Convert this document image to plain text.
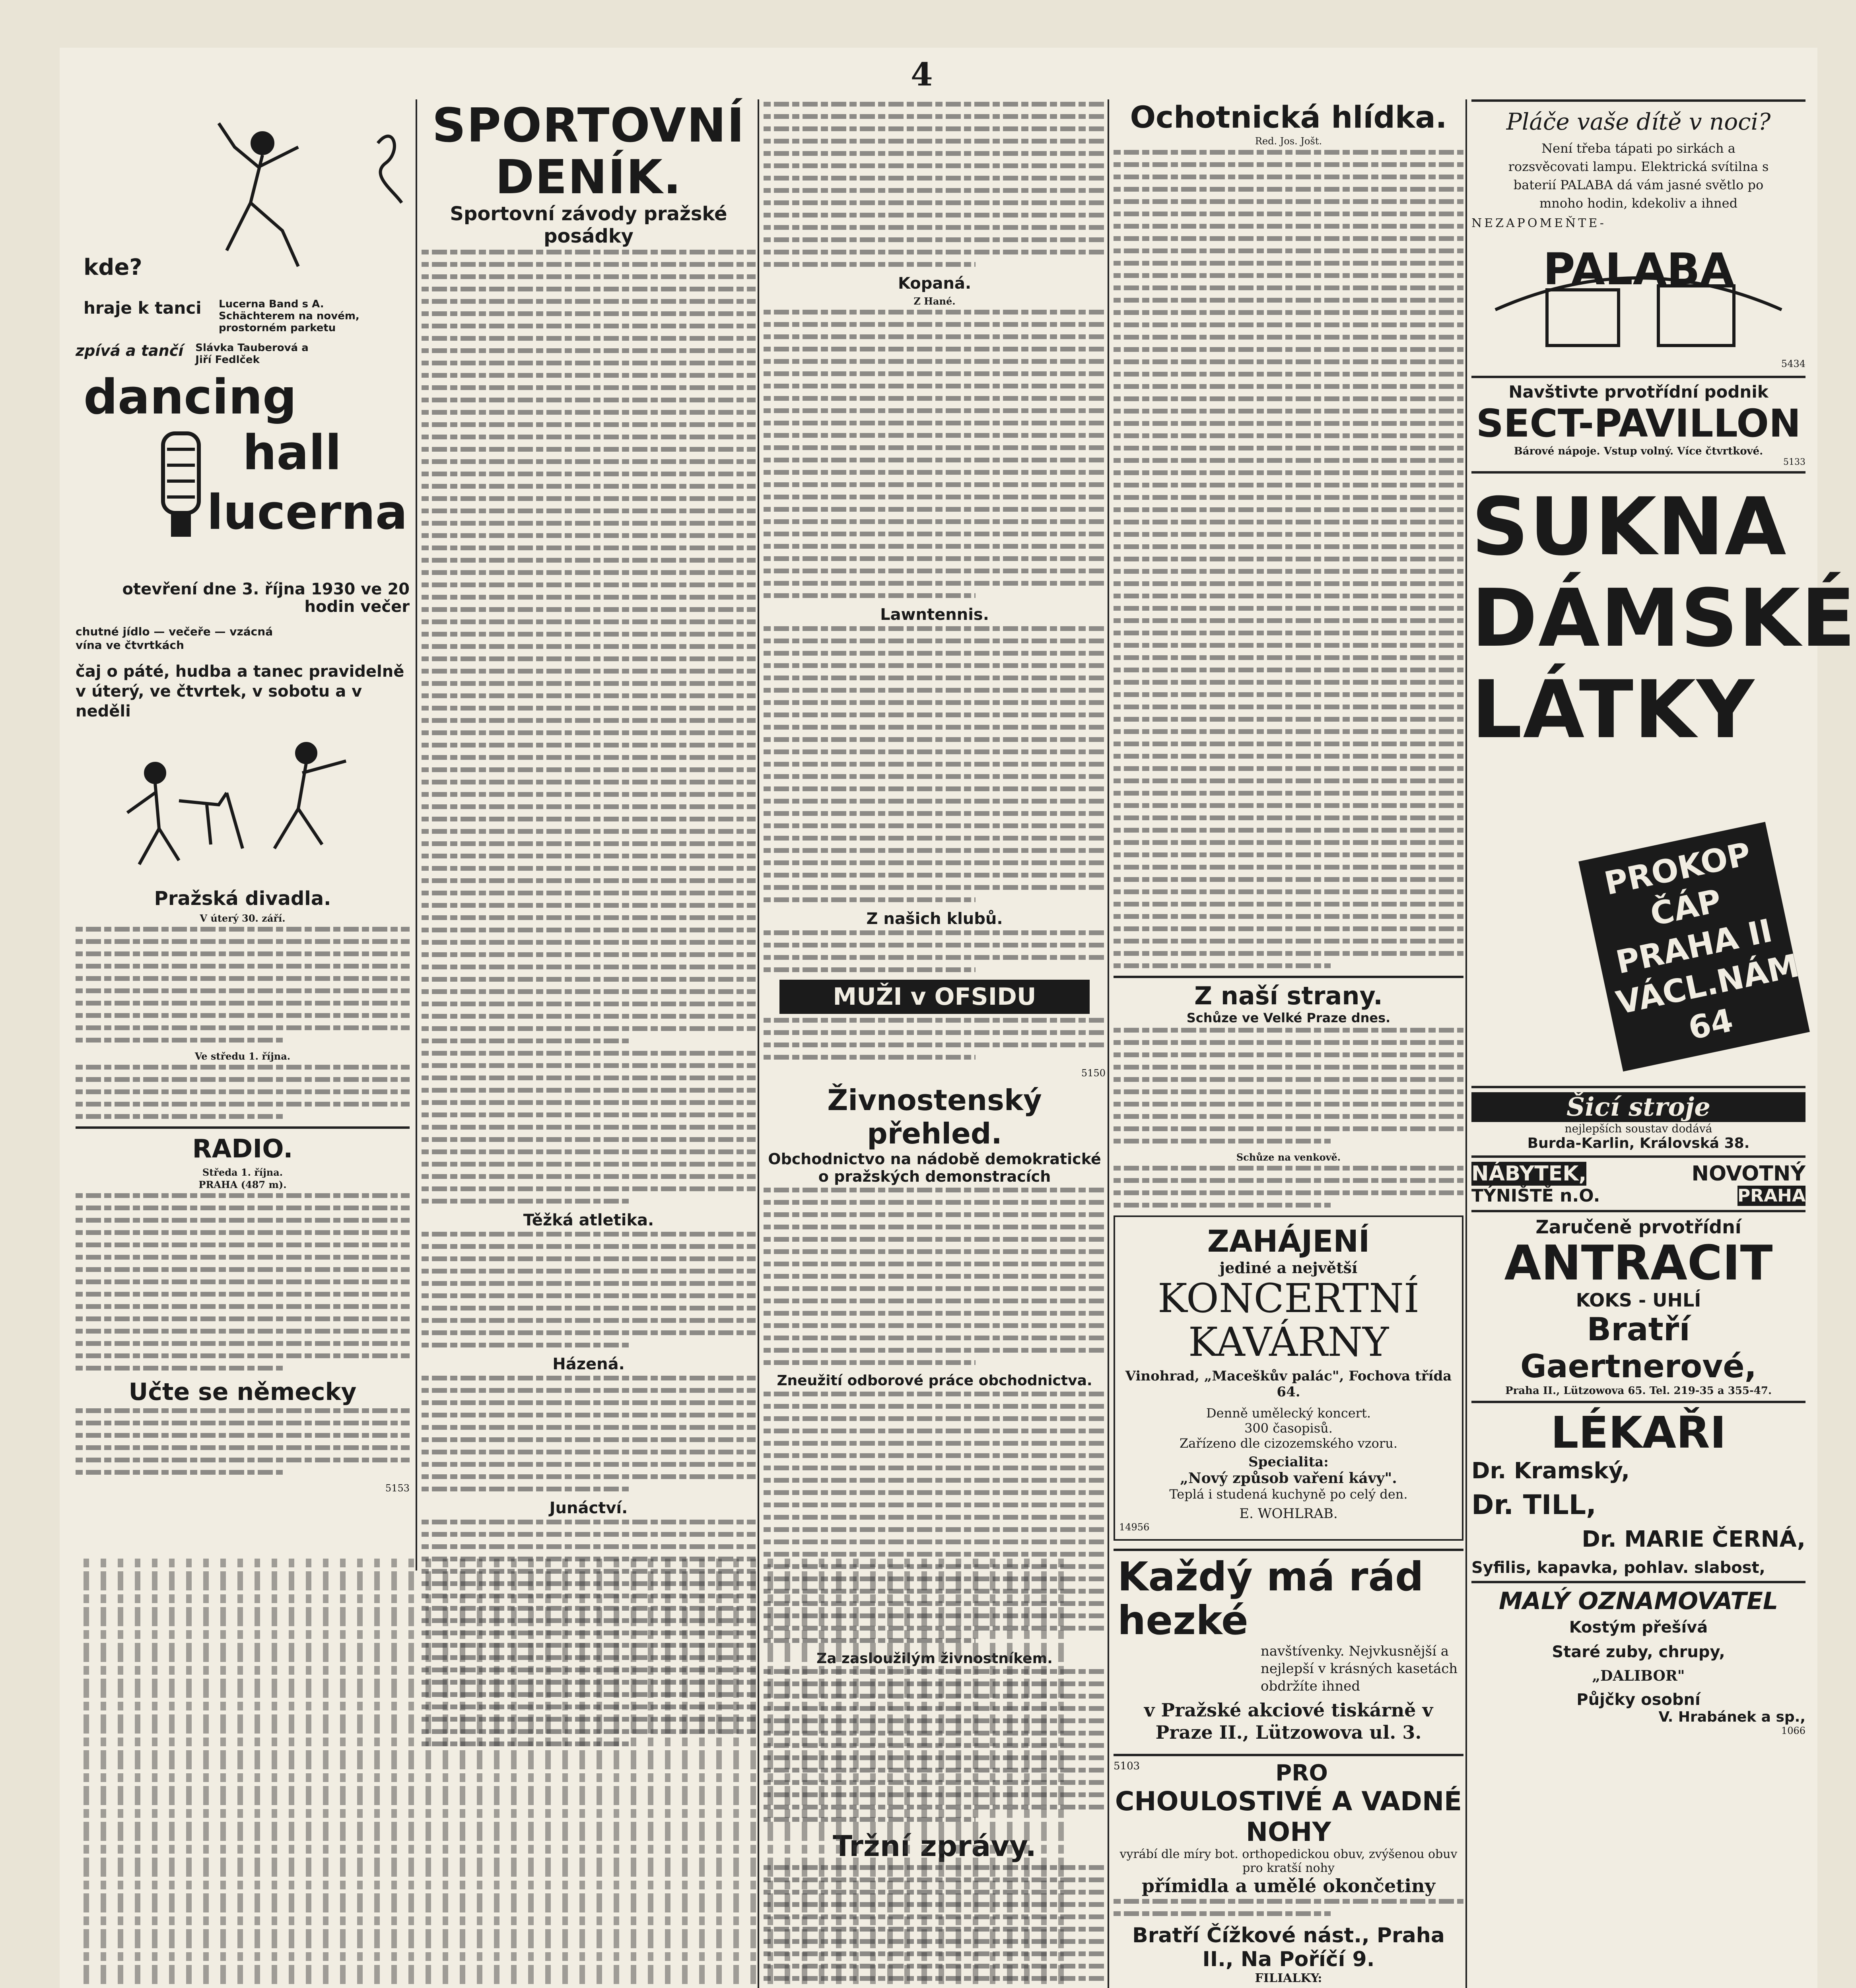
4
kde?
hraje k tanci Lucerna Band s A. Schächterem na novém, prostorném parketu
zpívá a tančí Slávka Tauberová a Jiří Fedlček
dancing
hall
lucerna
otevření dne 3. října 1930 ve 20 hodin večer
chutné jídlo — večeře — vzácná vína ve čtvrtkách
čaj o páté, hudba a tanec pravidelně v úterý, ve čtvrtek, v sobotu a v neděli
Pražská divadla.
V úterý 30. září.
Ve středu 1. října.
RADIO.
Středa 1. října.
PRAHA (487 m).
Učte se německy
5153
SPORTOVNÍ DENÍK.
Sportovní závody pražské posádky
Těžká atletika.
Házená.
Junáctví.
Kopaná.
Z Hané.
Lawntennis.
Z našich klubů.
MUŽI v OFSIDU
5150
Živnostenský přehled.
Obchodnictvo na nádobě demokratické o pražských demonstracích
Zneužití odborové práce obchodnictva.
Za zasloužilým živnostníkem.
Tržní zprávy.
Ochotnická hlídka.
Red. Jos. Jošt.
Z naší strany.
Schůze ve Velké Praze dnes.
Schůze na venkově.
ZAHÁJENÍ
jediné a největší
KONCERTNÍ KAVÁRNY
Vinohrad, „Maceškův palác", Fochova třída 64.
Denně umělecký koncert.
300 časopisů.
Zařízeno dle cizozemského vzoru.
Specialita:
„Nový způsob vaření kávy".
Teplá i studená kuchyně po celý den.
E. WOHLRAB.
14956
Každý má rád hezké
navštívenky. Nejvkusnější a nejlepší v krásných kasetách obdržíte ihned
v Pražské akciové tiskárně v Praze II., Lützowova ul. 3.
5103	PRO
CHOULOSTIVÉ A VADNÉ NOHY
vyrábí dle míry bot. orthopedickou obuv, zvýšenou obuv pro kratší nohy
přímidla a umělé okončetiny
Bratří Čížkové nást., Praha II., Na Poříčí 9.
FILIALKY:
Pláče vaše dítě v noci?
Není třeba tápati po sirkách a rozsvěcovati lampu. Elektrická svítilna s baterií PALABA dá vám jasné světlo po mnoho hodin, kdekoliv a ihned
NEZAPOMEŇTE-
PALABA
5434
Navštivte prvotřídní podnik
SECT-PAVILLON
Bárové nápoje. Vstup volný. Více čtvrtkové.
5133
SUKNA DÁMSKÉ LÁTKY
PROKOP ČÁP PRAHA II VÁCL.NÁM. 64
Šicí stroje
nejlepších soustav dodává
Burda-Karlin, Královská 38.
NÁBYTEK,	NOVOTNÝ
TÝNIŠTĚ n.O.	PRAHA
Zaručeně prvotřídní
ANTRACIT
KOKS - UHLÍ
Bratří Gaertnerové,
Praha II., Lützowova 65. Tel. 219-35 a 355-47.
LÉKAŘI
Dr. Kramský,
Dr. TILL,
Dr. MARIE ČERNÁ,
Syfilis, kapavka, pohlav. slabost,
MALÝ OZNAMOVATEL
Kostým přešívá
Staré zuby, chrupy,
„DALIBOR"
Půjčky osobní
V. Hrabánek a sp.,
1066
